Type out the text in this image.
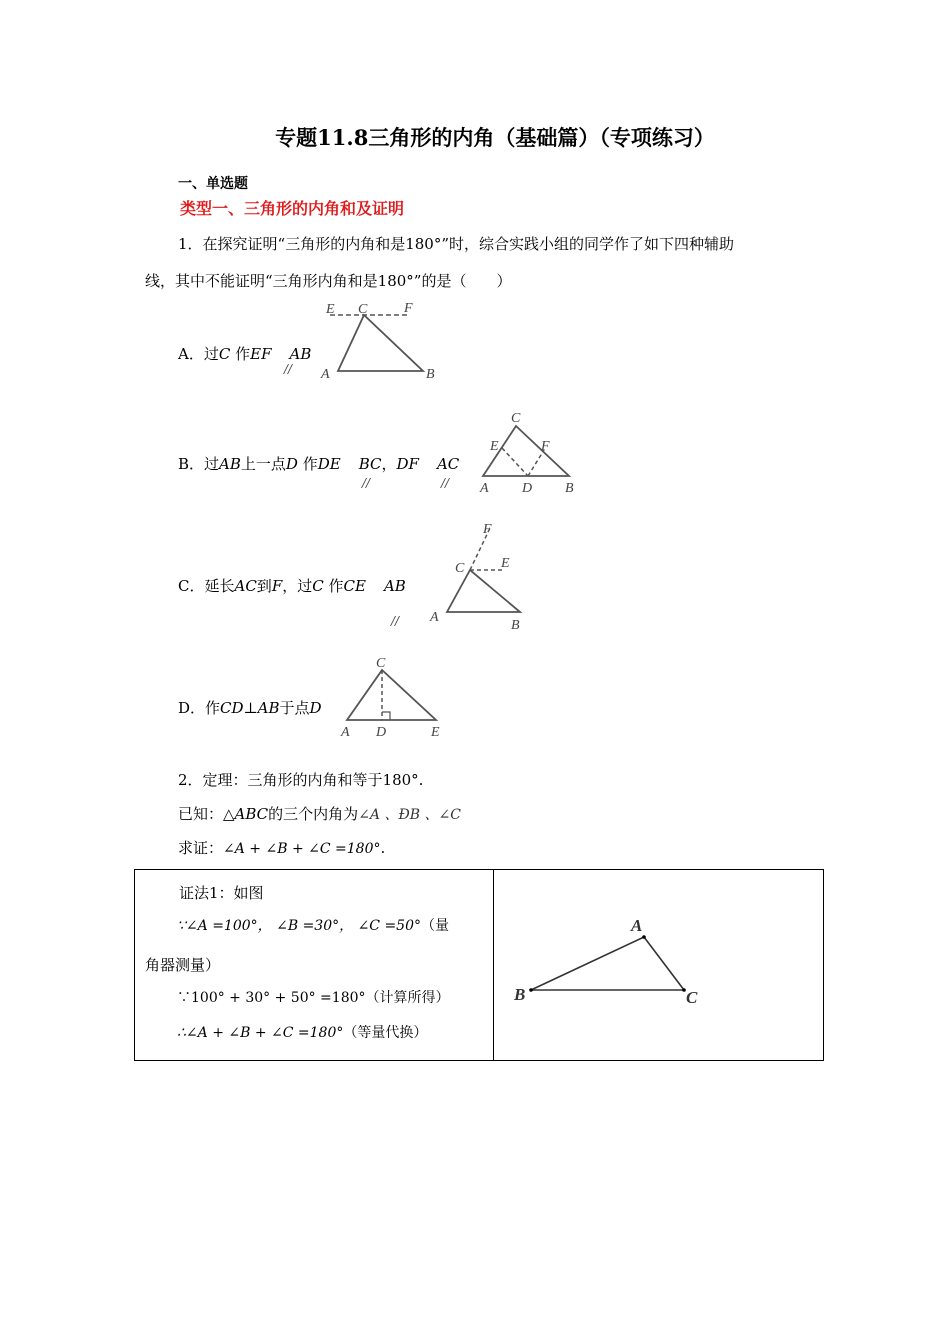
专题11.8三角形的内角（基础篇）（专项练习）
一、单选题
类型一、三角形的内角和及证明
1．在探究证明“三角形的内角和是180°”时，综合实践小组的同学作了如下四种辅助
线，其中不能证明“三角形内角和是180°”的是（　　）
A．过C 作EF AB
//
E C	F
A	B
B．过AB上一点D 作DE BC，DF AC
//	//
C
E	F
A D B
C．延长AC到F，过C 作CE AB
//
F
C	E
A
B
D．作CD⊥AB于点D
C
A D	E
2．定理：三角形的内角和等于180°.
已知：△ABC的三个内角为∠A 、ÐB 、∠C
求证：∠A + ∠B + ∠C =180°.
证法1：如图
∵∠A =100°， ∠B =30°， ∠C =50°（量
角器测量）
∵100° + 30° + 50° =180°（计算所得）
∴∠A + ∠B + ∠C =180°（等量代换）

A
B	C
